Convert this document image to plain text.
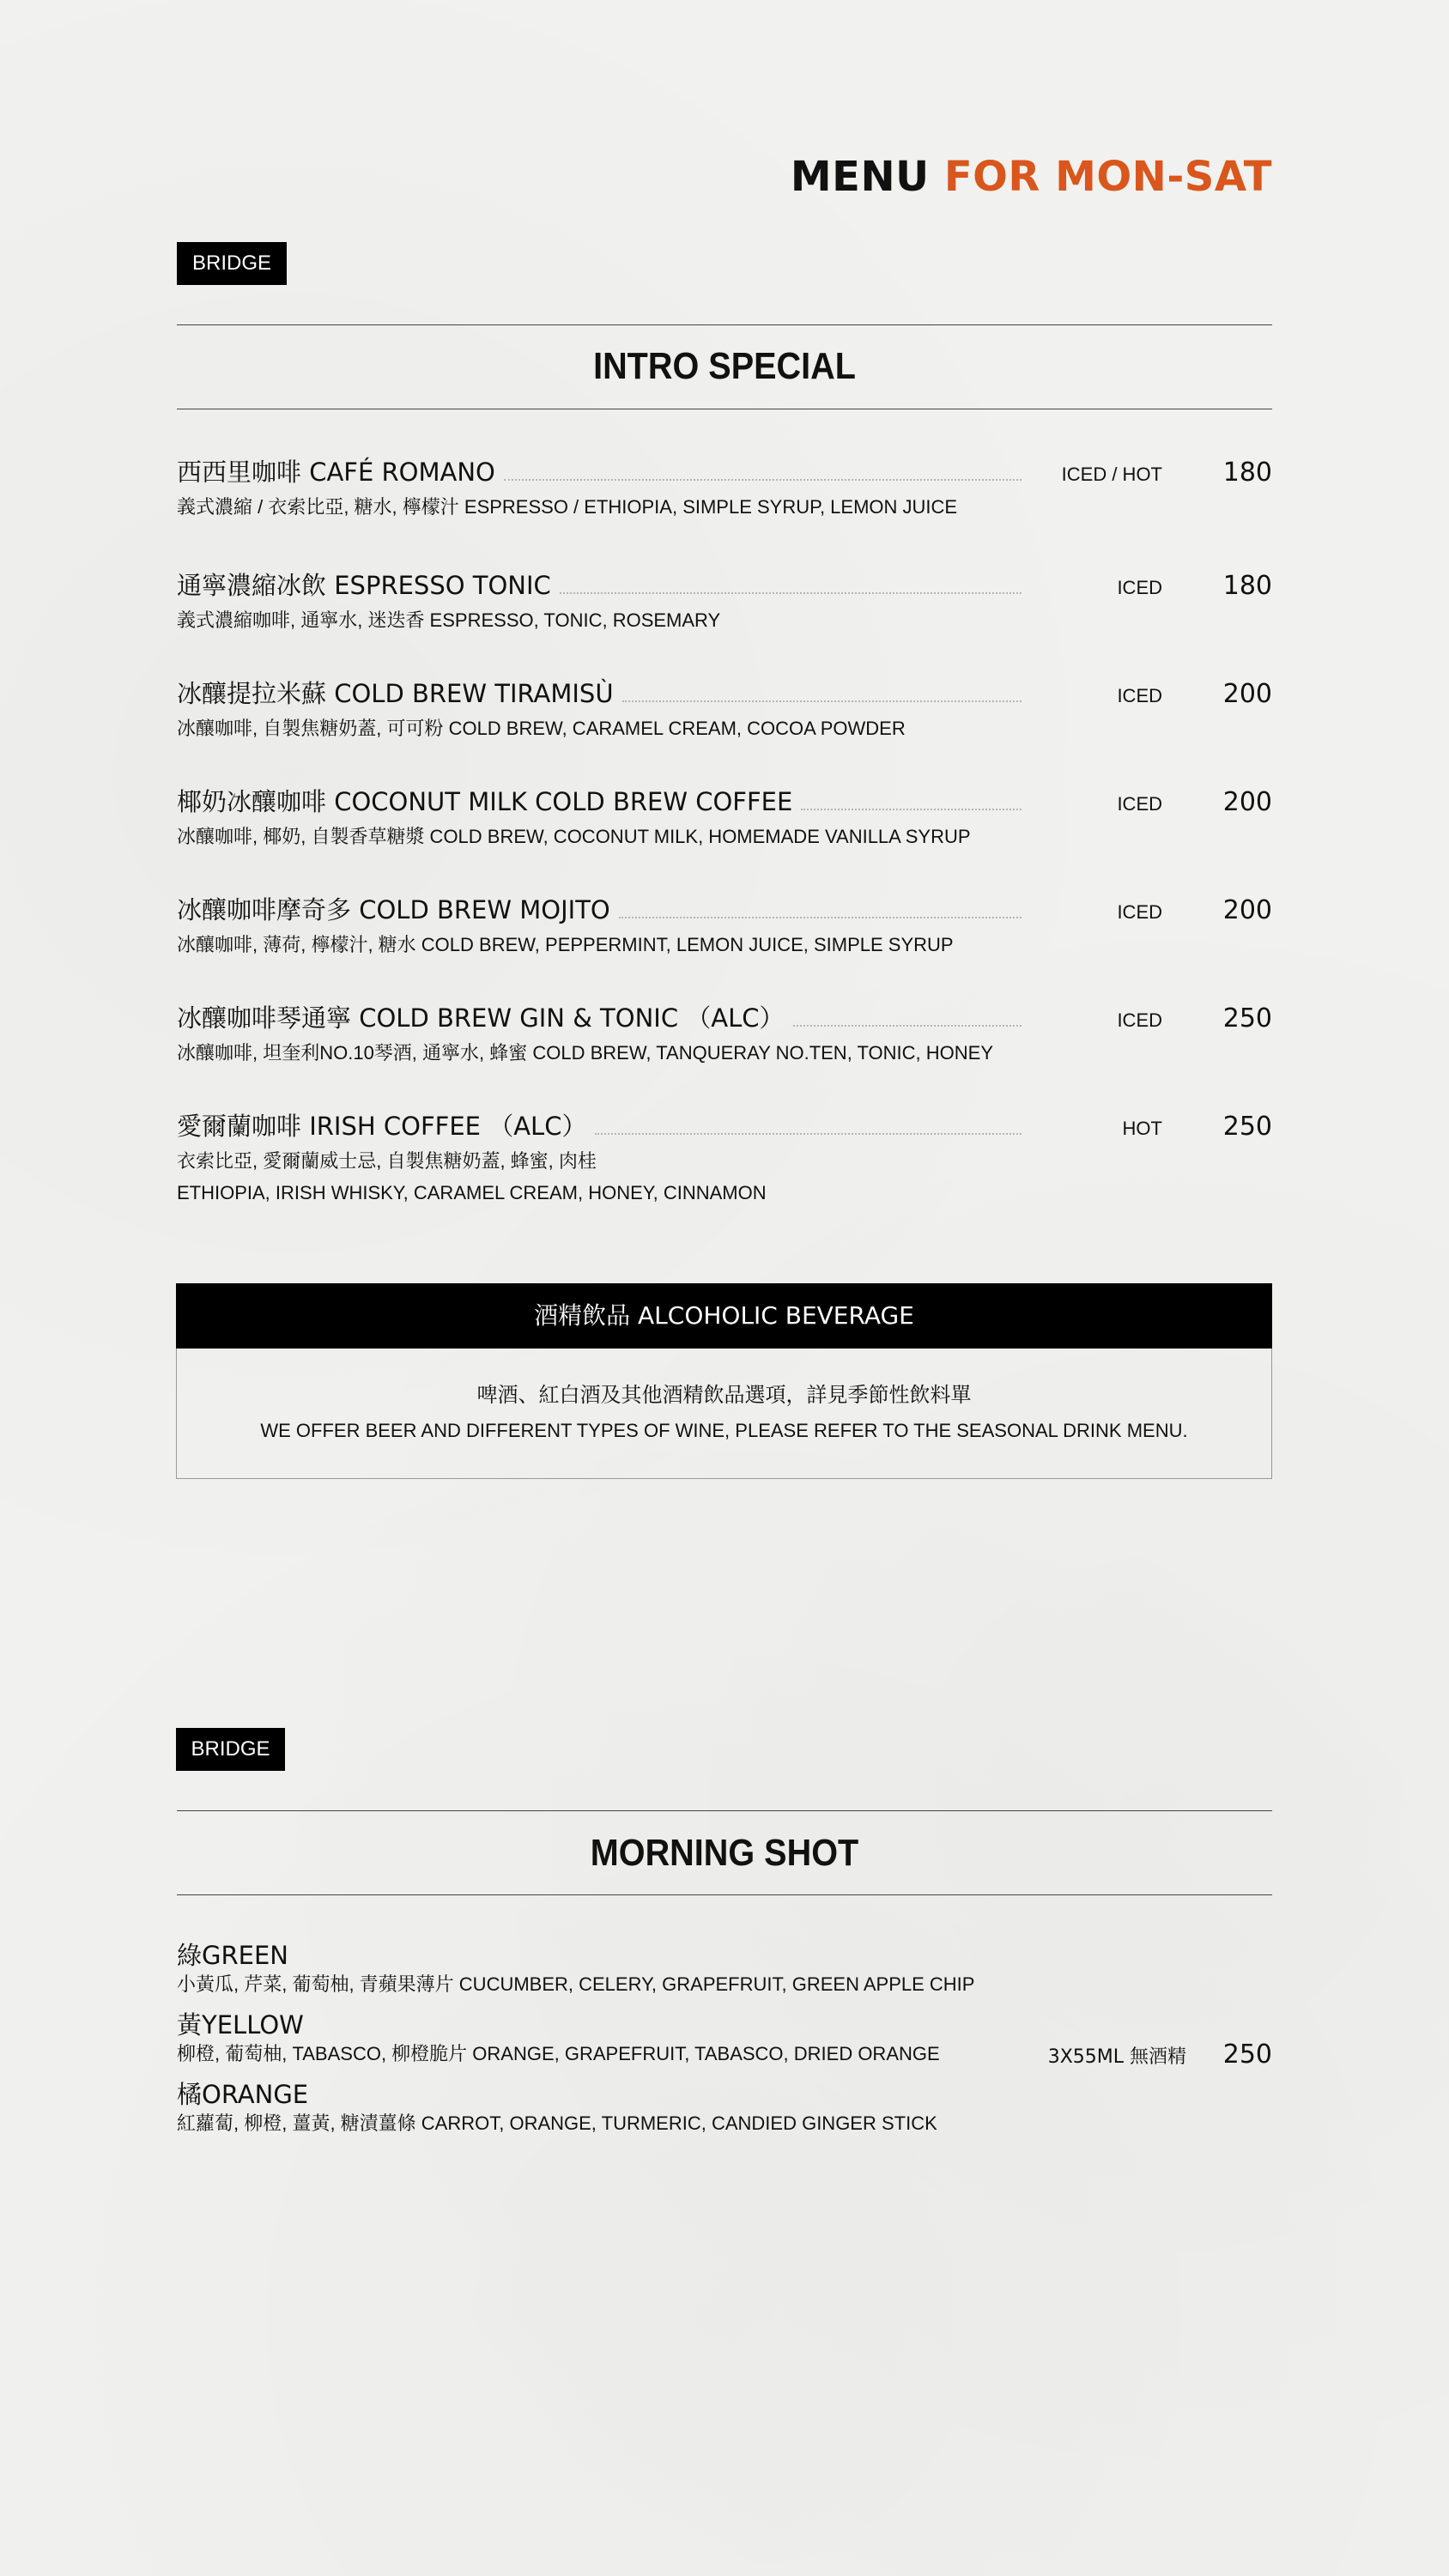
MENU FOR MON-SAT
BRIDGE
INTRO SPECIAL
西西里咖啡 CAFÉ ROMANO	ICED / HOT	180
義式濃縮 / 衣索比亞, 糖水, 檸檬汁 ESPRESSO / ETHIOPIA, SIMPLE SYRUP, LEMON JUICE
通寧濃縮冰飲 ESPRESSO TONIC	ICED	180
義式濃縮咖啡, 通寧水, 迷迭香 ESPRESSO, TONIC, ROSEMARY
冰釀提拉米蘇 COLD BREW TIRAMISÙ	ICED	200
冰釀咖啡, 自製焦糖奶蓋, 可可粉 COLD BREW, CARAMEL CREAM, COCOA POWDER
椰奶冰釀咖啡 COCONUT MILK COLD BREW COFFEE	ICED	200
冰釀咖啡, 椰奶, 自製香草糖漿 COLD BREW, COCONUT MILK, HOMEMADE VANILLA SYRUP
冰釀咖啡摩奇多 COLD BREW MOJITO	ICED	200
冰釀咖啡, 薄荷, 檸檬汁, 糖水 COLD BREW, PEPPERMINT, LEMON JUICE, SIMPLE SYRUP
冰釀咖啡琴通寧 COLD BREW GIN & TONIC （ALC）	ICED	250
冰釀咖啡, 坦奎利NO.10琴酒, 通寧水, 蜂蜜 COLD BREW, TANQUERAY NO.TEN, TONIC, HONEY
愛爾蘭咖啡 IRISH COFFEE （ALC）	HOT	250
衣索比亞, 愛爾蘭威士忌, 自製焦糖奶蓋, 蜂蜜, 肉桂
ETHIOPIA, IRISH WHISKY, CARAMEL CREAM, HONEY, CINNAMON
酒精飲品 ALCOHOLIC BEVERAGE
啤酒、紅白酒及其他酒精飲品選項，詳見季節性飲料單
WE OFFER BEER AND DIFFERENT TYPES OF WINE, PLEASE REFER TO THE SEASONAL DRINK MENU.
BRIDGE
MORNING SHOT
綠GREEN
小黃瓜, 芹菜, 葡萄柚, 青蘋果薄片 CUCUMBER, CELERY, GRAPEFRUIT, GREEN APPLE CHIP
黃YELLOW
柳橙, 葡萄柚, TABASCO, 柳橙脆片 ORANGE, GRAPEFRUIT, TABASCO, DRIED ORANGE
橘ORANGE
紅蘿蔔, 柳橙, 薑黃, 糖漬薑條 CARROT, ORANGE, TURMERIC, CANDIED GINGER STICK
3X55ML 無酒精	250
